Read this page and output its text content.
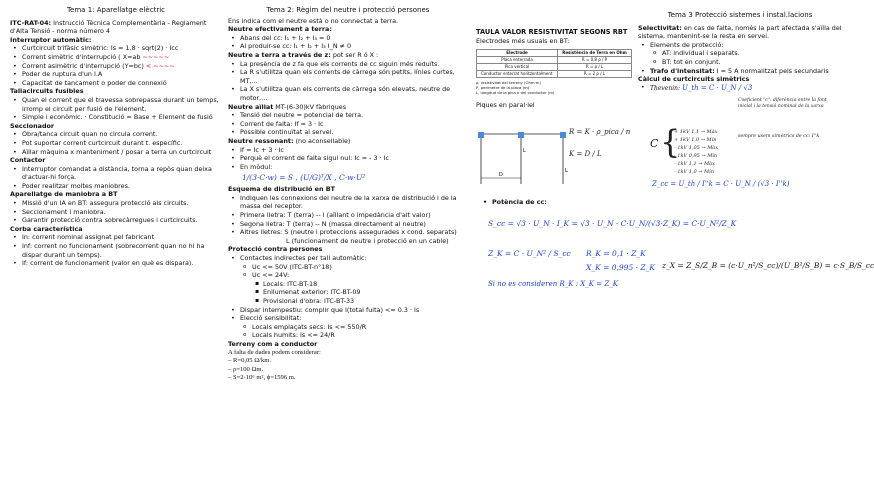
Tema 1: Aparellatge elèctric
ITC-RAT-04: Instrucció Tècnica Complementària - Reglament d'Alta Tensió - norma número 4
Interruptor automàtic:
• Curtcircuit trifàsic simètric: Is = 1.8 · sqrt(2) · Icc
• Corrent simètric d'interrupció ( X=ab ~~~~~
• Corrent asimètric d'interrupció (Y=bc) < ~~~~
• Poder de ruptura d'un I.A
• Capacitat de tancament o poder de connexió
Tallacircuits fusibles
• Quan el corrent que el travessa sobrepassa durant un temps, irromp el circuit per fusió de l'element.
• Simple i econòmic. · Constitució = Base + Element de fusió
Seccionador
• Obra/tanca circuit quan no circula corrent.
• Pot suportar corrent curtcircuit durant t. específic.
• Aïllar màquina x manteniment / posar a terra un curtcircuit
Contactor
• Interruptor comandat a distància, torna a repòs quan deixa d'actuar-hi força.
• Poder realitzar moltes maniobres.
Aparellatge de maniobra a BT
• Missió d'un IA en BT: assegura protecció als circuits.
• Seccionament i maniobra.
• Garantir protecció contra sobrecàrregues i curtcircuits.
Corba característica
• In: corrent nominal assignat pel fabricant
• Inf: corrent no funcionament (sobrecorrent quan no hi ha dispar durant un temps).
• If: corrent de funcionament (valor en què es dispara).
Tema 2: Règim del neutre i protecció persones
Ens indica com el neutre està o no connectat a terra.
Neutre efectivament a terra:
• Abans del cc: I₁ + I₂ + I₃ = 0
• Al produir-se cc: I₁ + I₂ + I₃ I_N ≠ 0
Neutre a terra a través de z: pot ser R ó X :
• La presència de z fa que els corrents de cc siguin més reduïts.
• La R s'utilitza quan els corrents de càrrega són petits, línies curtes, MT,...
• La X s'utilitza quan els corrents de càrrega són elevats, neutre de motor,...
Neutre aïllat MT-(6-30)kV fàbriques
• Tensió del neutre = potencial de terra.
• Corrent de falta: If = 3 · Ic
• Possible continuïtat al servei.
Neutre ressonant: (no aconsellable)
• If = Ic + 3 · Ic
• Perquè el corrent de falta sigui nul: Ic = - 3 · Ic
• En mòdul:
1/(3·C·w) = S , (U/G)ᵀ/X , C·w·U²
Esquema de distribució en BT
• Indiquen les connexions del neutre de la xarxa de distribució i de la massa del receptor.
• Primera lletra: T (terra) -- I (aïllant o impedància d'alt valor)
• Segona lletra: T (terra) -- N (massa directament al neutre)
• Altres lletres: S (neutre i proteccions assegurades x cond. separats)
L (funcionament de neutre i protecció en un cable)
Protecció contra persones
• Contactes indirectes per tall automàtic:
o Uc <= 50V (ITC-BT-n°18)
o Uc <= 24V:
▪ Locals: ITC-BT-18
▪ Enllumenat exterior: ITC-BT-09
▪ Provisional d'obra: ITC-BT-33
• Dispar intempestiu: complir que I(total fuita) <= 0.3 · Is
• Elecció sensibilitat:
o Locals emplaçats secs: Is <= 550/R
o Locals humits: Is <= 24/R
Terreny com a conductor
A falta de dades podem considerar:
– R=0,05 Ω/km.
– ρ=100 Ωm.
– S=2·10⁶ m², ϕ=1596 m.
TAULA VALOR RESISTIVITAT SEGONS RBT
Electrodes més usuals en BT:
Electrode	Resistència de Terra en Ohm
Placa enterrada	R = 0,8 ρ / P
Pica vertical	R = ρ / L
Conductor enterrat horitzontalment	R = 2 ρ / L
ρ, resistivitat del terreny (Ohm·m)
P, perímetre de la placa (m)
L, longitud de la pica o del conductor (m)
Piques en paral·lel
L
D
L
R = K · ρ_pica / n
K = D / L
• Potència de cc:
S_cc = √3 · U_N · I_K = √3 · U_N · C·U_N/(√3·Z_K) = C·U_N²/Z_K
Z_K = C · U_N² / S_cc R_K = 0,1 · Z_K
X_K = 0,995 · Z_K
Si no es consideren R_K : X_K = Z_K
z_X = Z_S/Z_B = (c·U_n²/S_cc)/(U_B²/S_B) = c·S_B/S_cc
Tema 3 Protecció sistemes i instal.lacions
Selectivitat: en cas de falta, només la part afectada s'aïlla del sistema, mantenint-se la resta en servei.
• Elements de protecció:
o AT: individual i separats.
o BT: tot en conjunt.
• Trafo d'intensitat: I = 5 A normalitzat pels secundaris
Càlcul de curtcircuits simètrics
• Thevenin: U_th = C · U_N / √3
Coeficient "c": diferència entre la font inicial i la tensió nominal de la xarxa
C {
+ 1kV 1,1 → Màx
+ 1kV 1,0 → Mín
- 1kV 1,05 → Màx
- 1kV 0,95 → Mín
- 1kV 1,1 → Màx
- 1kV 1,0 → Mín
sempre usem simètrics de cc: I''k
Z_cc = U_th / I''k = C · U_N / (√3 · I''k)
